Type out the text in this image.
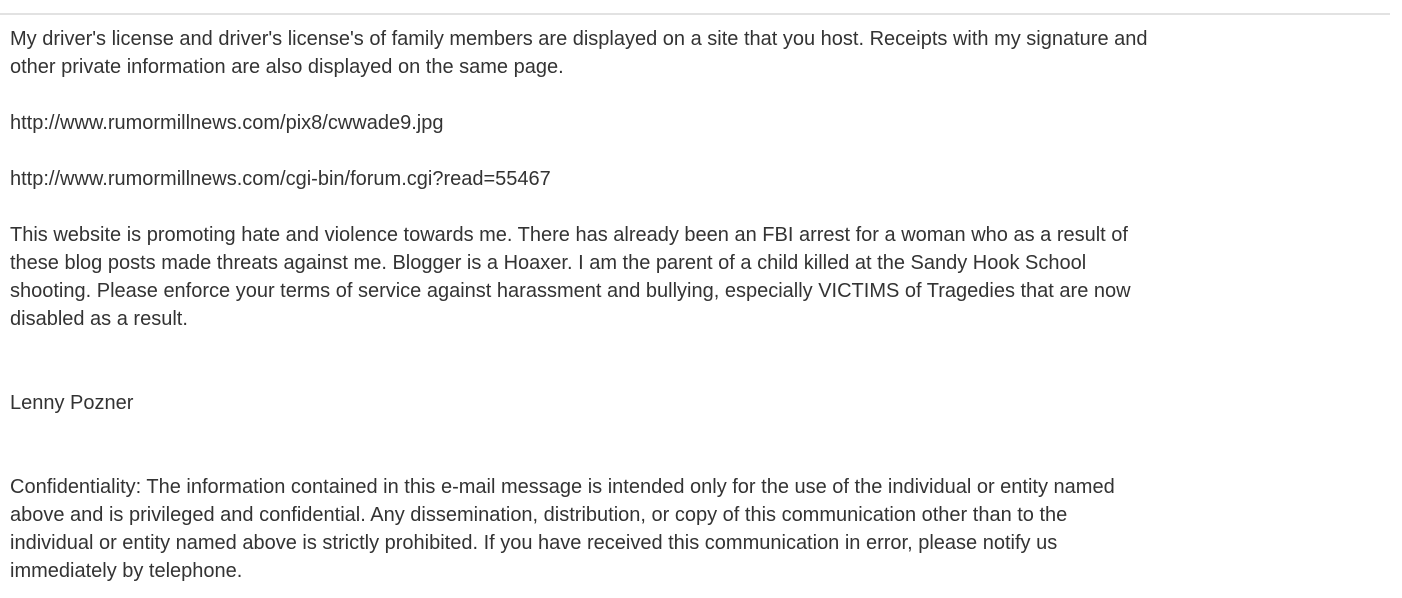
My driver's license and driver's license's of family members are displayed on a site that you host. Receipts with my signature and
other private information are also displayed on the same page.
http://www.rumormillnews.com/pix8/cwwade9.jpg
http://www.rumormillnews.com/cgi-bin/forum.cgi?read=55467
This website is promoting hate and violence towards me. There has already been an FBI arrest for a woman who as a result of
these blog posts made threats against me. Blogger is a Hoaxer. I am the parent of a child killed at the Sandy Hook School
shooting. Please enforce your terms of service against harassment and bullying, especially VICTIMS of Tragedies that are now
disabled as a result.
Lenny Pozner
Confidentiality: The information contained in this e-mail message is intended only for the use of the individual or entity named
above and is privileged and confidential. Any dissemination, distribution, or copy of this communication other than to the
individual or entity named above is strictly prohibited. If you have received this communication in error, please notify us
immediately by telephone.
